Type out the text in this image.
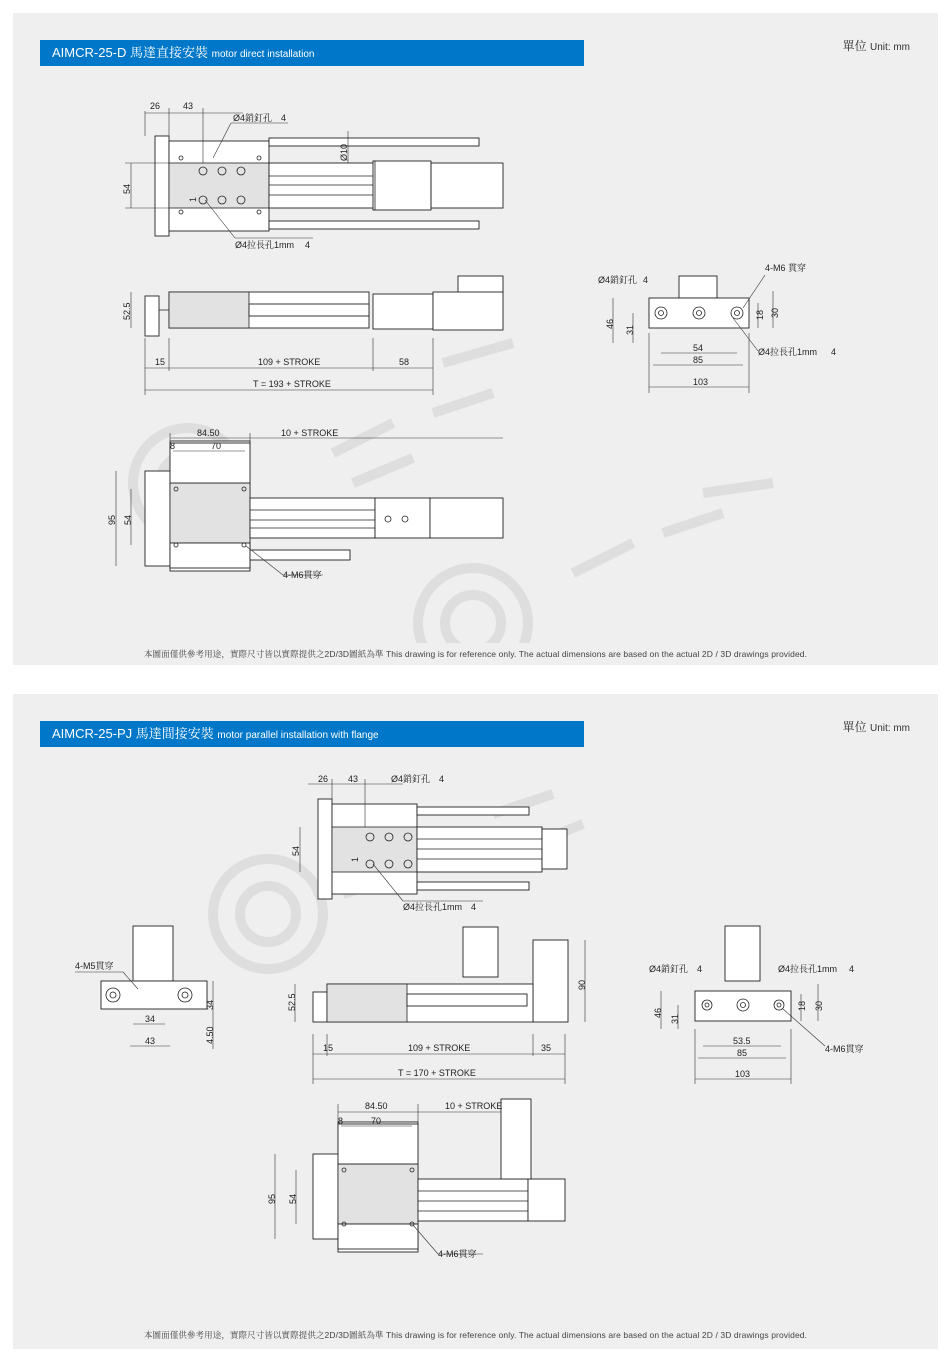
AIMCR-25-D 馬達直接安裝 motor direct installation
單位 Unit: mm
26	43
Ø4銷釘孔 4
54
Ø10
1
Ø4拉長孔1mm 4
52.5
15	109 + STROKE	58
T = 193 + STROKE
Ø4銷釘孔 4
4-M6 貫穿
46
31
18 30
54
85
103
Ø4拉長孔1mm 4
84.50	10 + STROKE
8	70
95 54
4-M6貫穿
本圖面僅供參考用途，實際尺寸皆以實際提供之2D/3D圖紙為準 This drawing is for reference only. The actual dimensions are based on the actual 2D / 3D drawings provided.
AIMCR-25-PJ 馬達間接安裝 motor parallel installation with flange
單位 Unit: mm
26 43	Ø4銷釘孔 4
54
1
Ø4拉長孔1mm 4
4-M5貫穿
34
43
34
4.50
52.5
90
15	109 + STROKE	35
T = 170 + STROKE
Ø4銷釘孔 4	Ø4拉長孔1mm 4
46
31
18 30
53.5
85
103
4-M6貫穿
84.50	10 + STROKE
8	70
95 54
4-M6貫穿
本圖面僅供參考用途，實際尺寸皆以實際提供之2D/3D圖紙為準 This drawing is for reference only. The actual dimensions are based on the actual 2D / 3D drawings provided.
